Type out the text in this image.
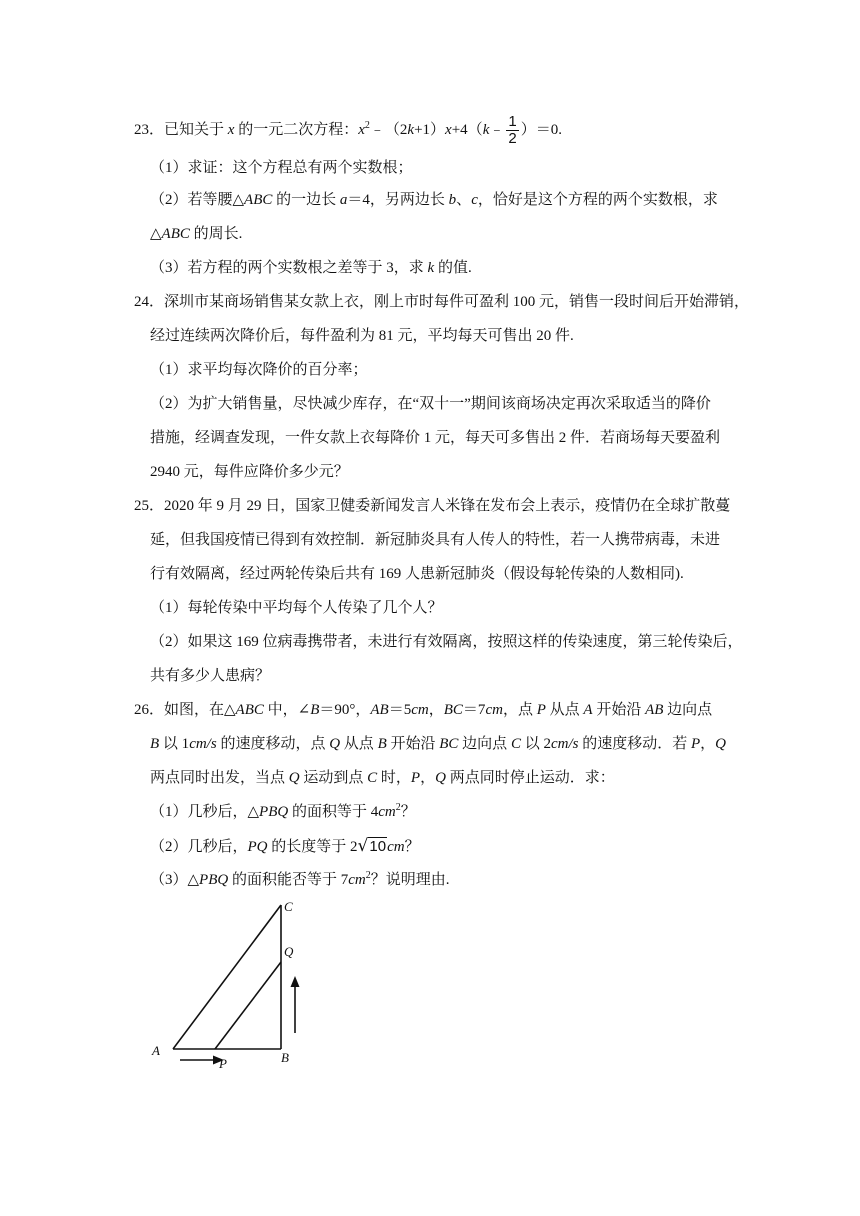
23．已知关于 x 的一元二次方程：$x^2﹣(2k+1)x+4(k﹣ \frac{1}{2} )=0$.
（1）求证：这个方程总有两个实数根；
（2）若等腰△ABC 的一边长 a＝4，另两边长 b、c，恰好是这个方程的两个实数根，求
△ABC 的周长.
（3）若方程的两个实数根之差等于 3，求 k 的值.
24．深圳市某商场销售某女款上衣，刚上市时每件可盈利 100 元，销售一段时间后开始滞销，
经过连续两次降价后，每件盈利为 81 元，平均每天可售出 20 件.
（1）求平均每次降价的百分率；
（2）为扩大销售量，尽快减少库存，在“双十一”期间该商场决定再次采取适当的降价
措施，经调查发现，一件女款上衣每降价 1 元，每天可多售出 2 件．若商场每天要盈利
2940 元，每件应降价多少元？
25．2020 年 9 月 29 日，国家卫健委新闻发言人米锋在发布会上表示，疫情仍在全球扩散蔓
延，但我国疫情已得到有效控制．新冠肺炎具有人传人的特性，若一人携带病毒，未进
行有效隔离，经过两轮传染后共有 169 人患新冠肺炎（假设每轮传染的人数相同).
（1）每轮传染中平均每个人传染了几个人？
（2）如果这 169 位病毒携带者，未进行有效隔离，按照这样的传染速度，第三轮传染后，
共有多少人患病？
26．如图，在△ABC 中，∠B＝90°，AB＝5cm，BC＝7cm，点 P 从点 A 开始沿 AB 边向点
B 以 1cm/s 的速度移动，点 Q 从点 B 开始沿 BC 边向点 C 以 2cm/s 的速度移动．若 P，Q
两点同时出发，当点 Q 运动到点 C 时，P，Q 两点同时停止运动．求：
（1）几秒后，△PBQ 的面积等于 $4cm^2$？
（2）几秒后，PQ 的长度等于 2√10cm？
（3）△PBQ 的面积能否等于 $7cm^2$？说明理由.
C
Q
A
P	B
